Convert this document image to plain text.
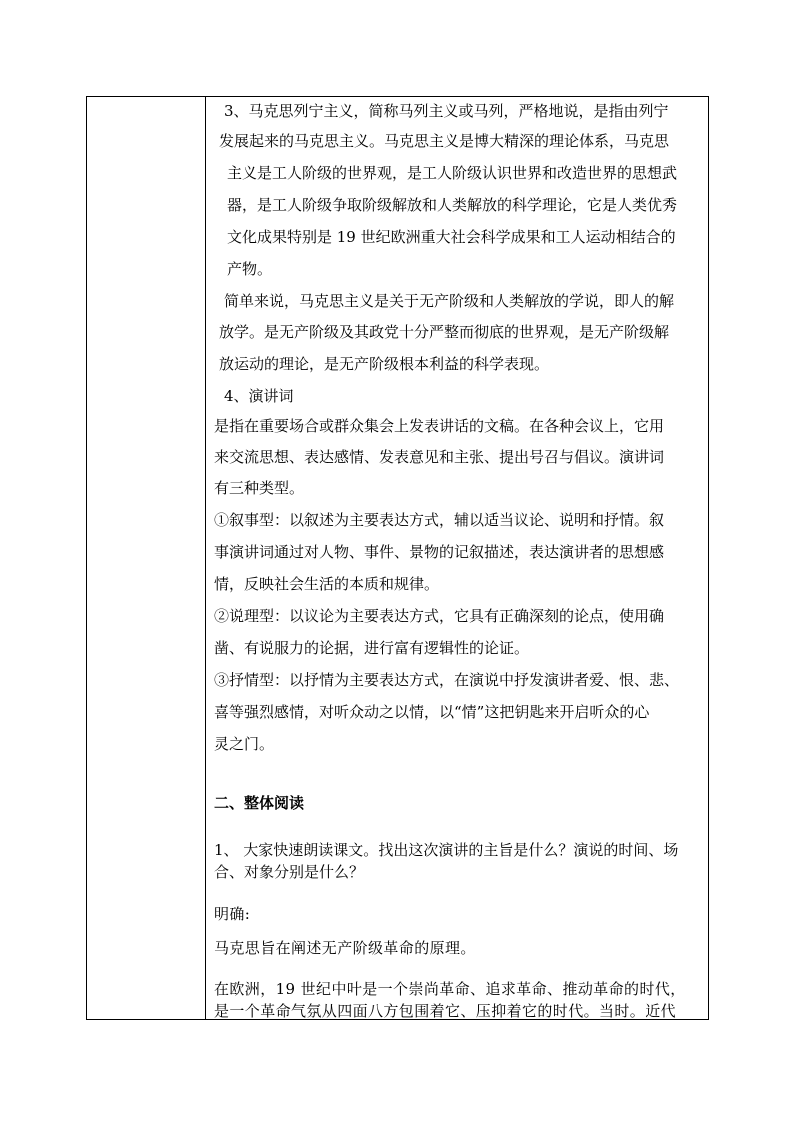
3、马克思列宁主义，简称马列主义或马列，严格地说，是指由列宁
发展起来的马克思主义。马克思主义是博大精深的理论体系，马克思
主义是工人阶级的世界观，是工人阶级认识世界和改造世界的思想武
器，是工人阶级争取阶级解放和人类解放的科学理论，它是人类优秀
文化成果特别是 19 世纪欧洲重大社会科学成果和工人运动相结合的
产物。
简单来说，马克思主义是关于无产阶级和人类解放的学说，即人的解
放学。是无产阶级及其政党十分严整而彻底的世界观，是无产阶级解
放运动的理论，是无产阶级根本利益的科学表现。
4、演讲词
是指在重要场合或群众集会上发表讲话的文稿。在各种会议上，它用
来交流思想、表达感情、发表意见和主张、提出号召与倡议。演讲词
有三种类型。
①叙事型：以叙述为主要表达方式，辅以适当议论、说明和抒情。叙
事演讲词通过对人物、事件、景物的记叙描述，表达演讲者的思想感
情，反映社会生活的本质和规律。
②说理型：以议论为主要表达方式，它具有正确深刻的论点，使用确
凿、有说服力的论据，进行富有逻辑性的论证。
③抒情型：以抒情为主要表达方式，在演说中抒发演讲者爱、恨、悲、
喜等强烈感情，对听众动之以情，以“情”这把钥匙来开启听众的心
灵之门。
二、整体阅读
1、 大家快速朗读课文。找出这次演讲的主旨是什么？演说的时间、场
合、对象分别是什么？
明确:
马克思旨在阐述无产阶级革命的原理。
在欧洲，19 世纪中叶是一个崇尚革命、追求革命、推动革命的时代，
是一个革命气氛从四面八方包围着它、压抑着它的时代。当时。近代
